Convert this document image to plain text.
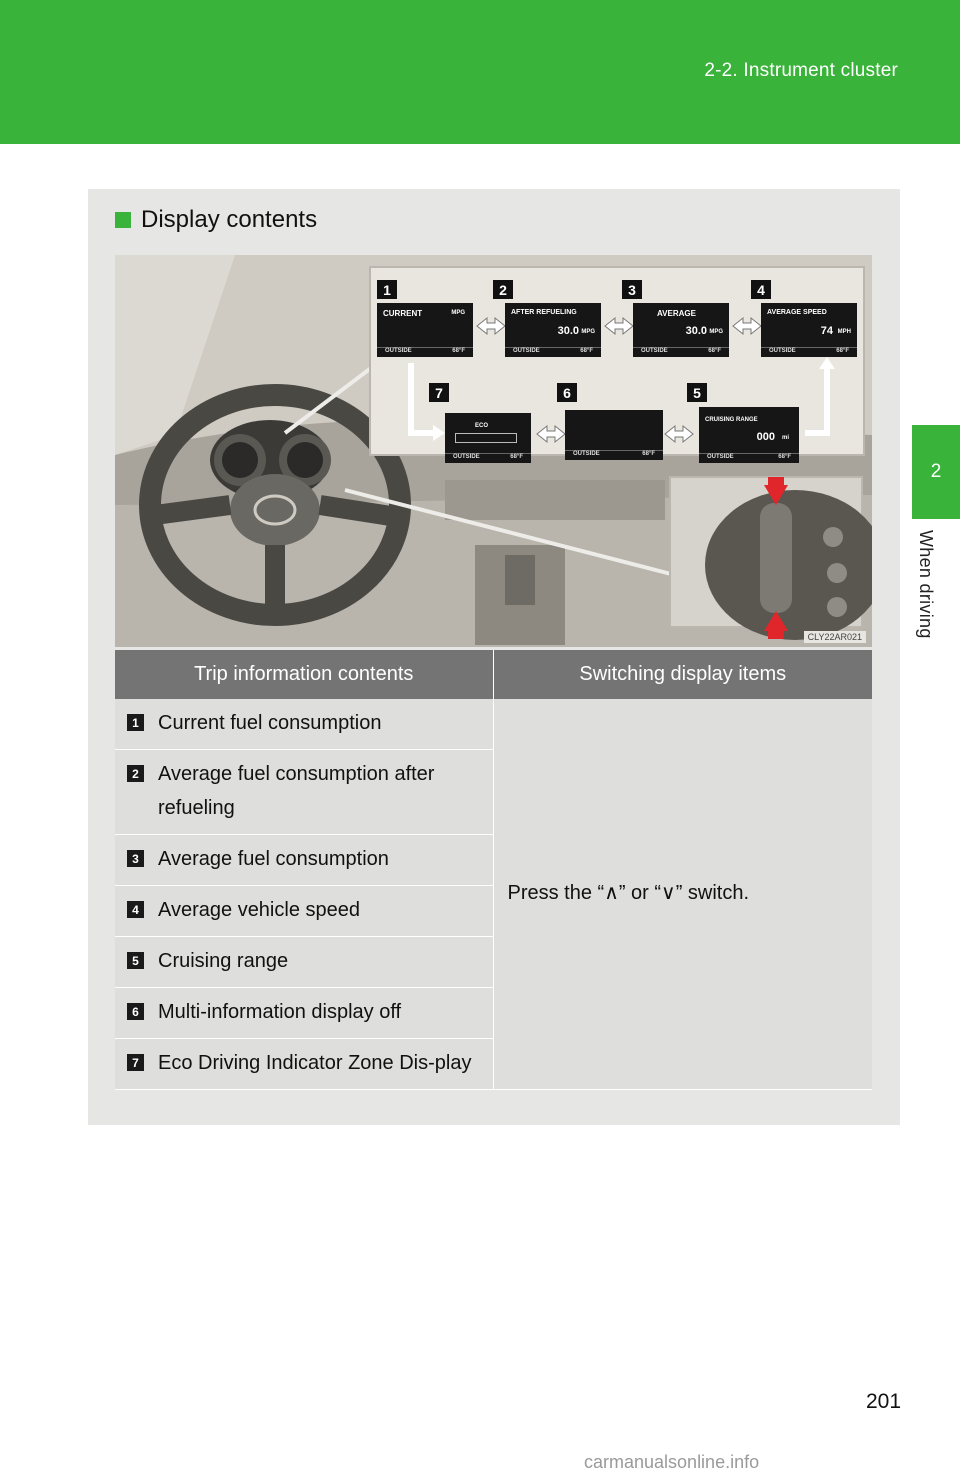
2-2. Instrument cluster
2
When driving
Display contents
1	2	3	4
5
6
7
CURRENT	MPG
OUTSIDE	68°F
AFTER REFUELING
30.0 MPG
OUTSIDE	68°F
AVERAGE
30.0 MPG
OUTSIDE	68°F
AVERAGE SPEED
74 MPH
OUTSIDE	68°F
ECO
OUTSIDE	68°F	OUTSIDE	68°F
CRUISING RANGE
000 mi
OUTSIDE	68°F
CLY22AR021
Trip information contents	Switching display items

1 Current fuel consumption	Press the “∧” or “∨” switch.

2 Average fuel consumption after refueling	

3 Average fuel consumption	

4 Average vehicle speed	

5 Cruising range	

6 Multi-information display off	

7 Eco Driving Indicator Zone Dis-play	
201
carmanualsonline.info
